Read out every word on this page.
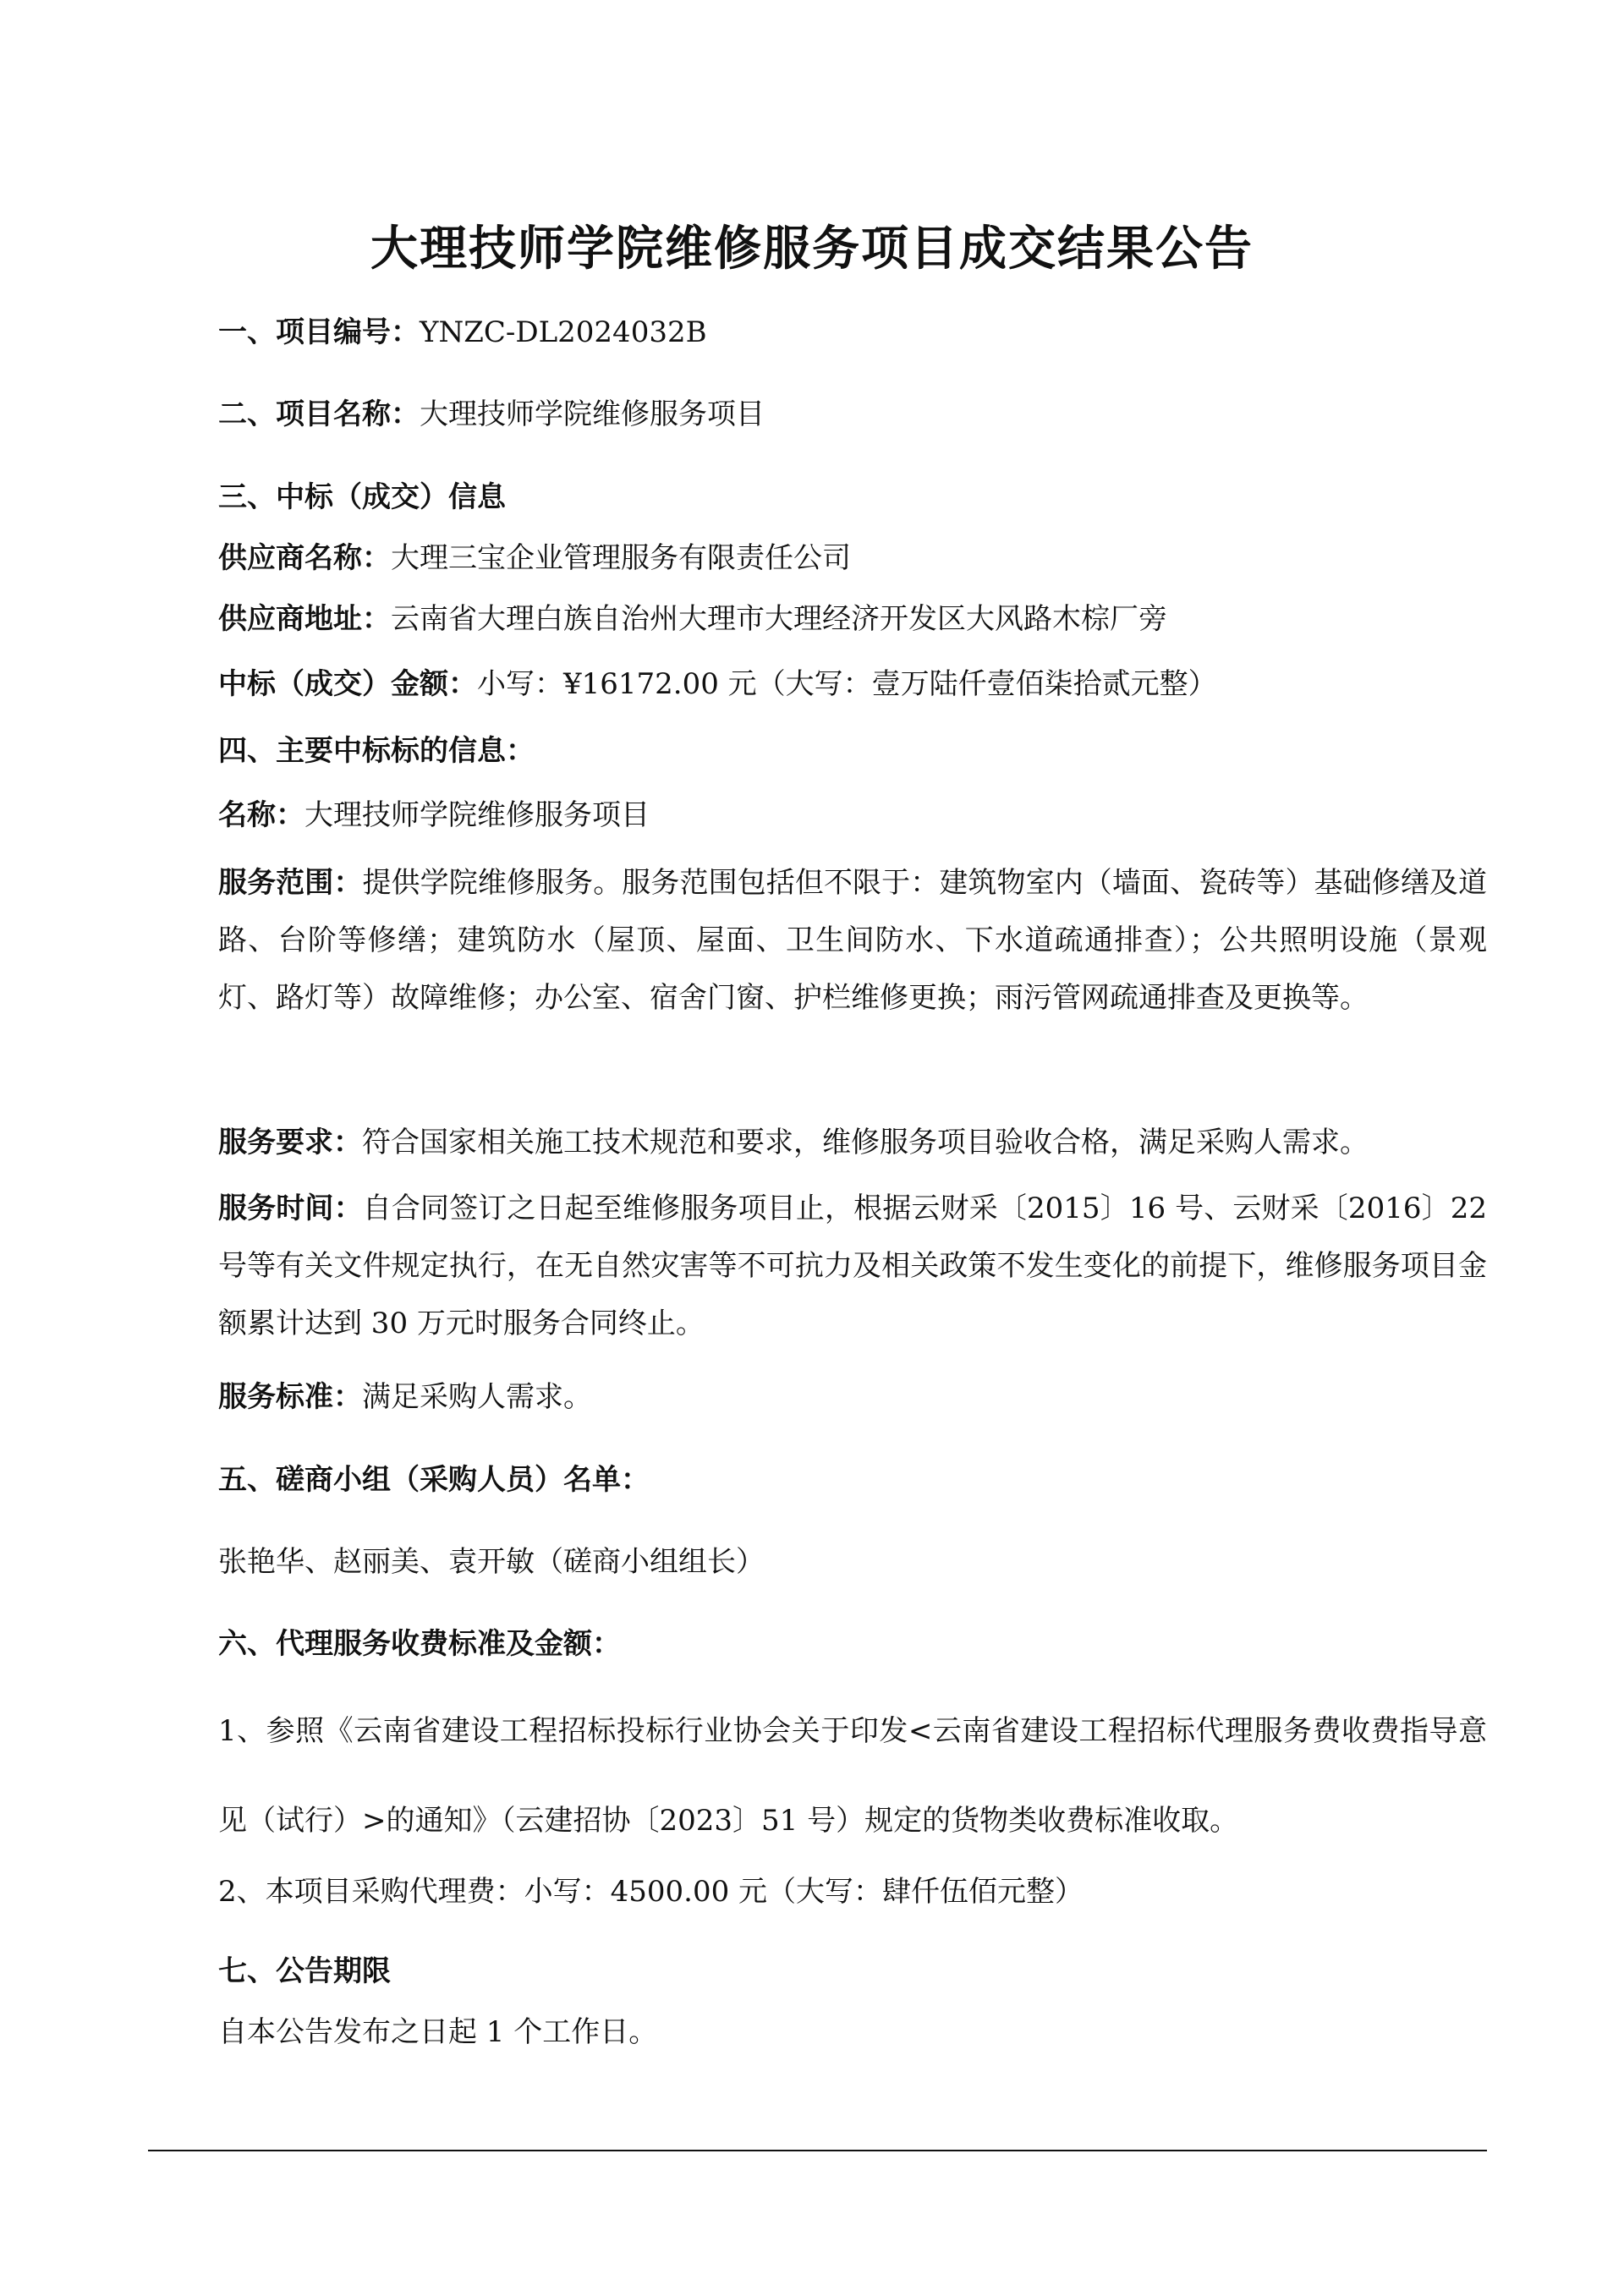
大理技师学院维修服务项目成交结果公告
一、项目编号：YNZC-DL2024032B
二、项目名称：大理技师学院维修服务项目
三、中标（成交）信息
供应商名称：大理三宝企业管理服务有限责任公司
供应商地址：云南省大理白族自治州大理市大理经济开发区大风路木棕厂旁
中标（成交）金额：小写：¥16172.00 元（大写：壹万陆仟壹佰柒拾贰元整）
四、主要中标标的信息：
名称：大理技师学院维修服务项目
服务范围：提供学院维修服务。服务范围包括但不限于：建筑物室内（墙面、瓷砖等）基础修缮及道路、台阶等修缮；建筑防水（屋顶、屋面、卫生间防水、下水道疏通排查）；公共照明设施（景观灯、路灯等）故障维修；办公室、宿舍门窗、护栏维修更换；雨污管网疏通排查及更换等。
服务要求：符合国家相关施工技术规范和要求，维修服务项目验收合格，满足采购人需求。
服务时间：自合同签订之日起至维修服务项目止，根据云财采〔2015〕16 号、云财采〔2016〕22 号等有关文件规定执行，在无自然灾害等不可抗力及相关政策不发生变化的前提下，维修服务项目金额累计达到 30 万元时服务合同终止。
服务标准：满足采购人需求。
五、磋商小组（采购人员）名单：
张艳华、赵丽美、袁开敏（磋商小组组长）
六、代理服务收费标准及金额：
1、参照《云南省建设工程招标投标行业协会关于印发<云南省建设工程招标代理服务费收费指导意见（试行）>的通知》（云建招协〔2023〕51 号）规定的货物类收费标准收取。
2、本项目采购代理费：小写：4500.00 元（大写：肆仟伍佰元整）
七、公告期限
自本公告发布之日起 1 个工作日。
